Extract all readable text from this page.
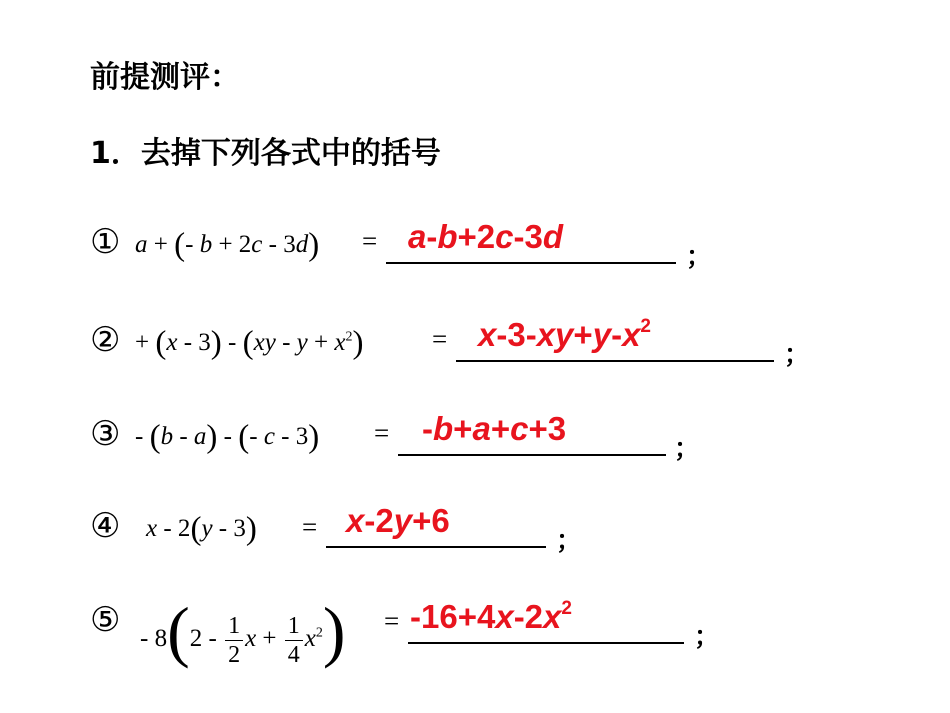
前提测评：
1．去掉下列各式中的括号
① a + (- b + 2c - 3d) = a-b+2c-3d
；
② + $(x - 3) - (xy - y + x^2)$	= $x-3-xy+y-x^2$
；
③ - (b - a) - (- c - 3) = -b+a+c+3
；
④ x - 2(y - 3) = x-2y+6
；
⑤ - $8(2 - \frac{1}{2}$ $x + \frac{1}{4} x^2) = -16+4x-2x^2$
；
